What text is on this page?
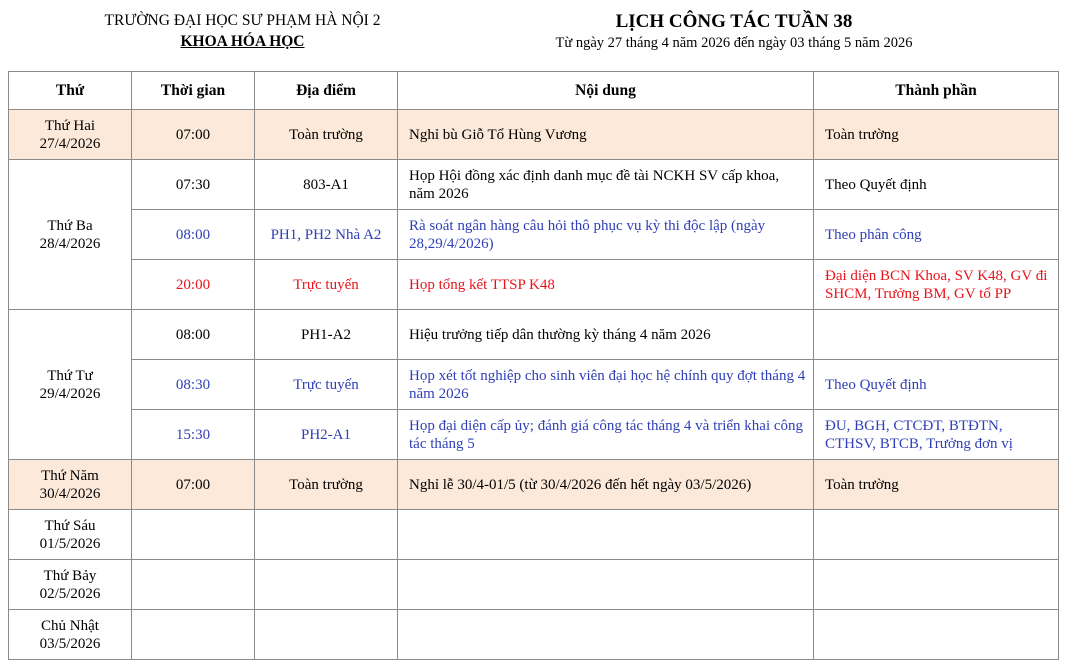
TRƯỜNG ĐẠI HỌC SƯ PHẠM HÀ NỘI 2
KHOA HÓA HỌC
LỊCH CÔNG TÁC TUẦN 38
Từ ngày 27 tháng 4 năm 2026 đến ngày 03 tháng 5 năm 2026
Thứ	Thời gian	Địa điểm	Nội dung	Thành phần
Thứ Hai
27/4/2026	07:00	Toàn trường	Nghỉ bù Giỗ Tổ Hùng Vương	Toàn trường
Thứ Ba
28/4/2026	07:30	803-A1	Họp Hội đồng xác định danh mục đề tài NCKH SV cấp khoa, năm 2026	Theo Quyết định
	08:00	PH1, PH2 Nhà A2	Rà soát ngân hàng câu hỏi thô phục vụ kỳ thi độc lập (ngày 28,29/4/2026)	Theo phân công
	20:00	Trực tuyến	Họp tổng kết TTSP K48	Đại diện BCN Khoa, SV K48, GV đi SHCM, Trưởng BM, GV tổ PP
Thứ Tư
29/4/2026	08:00	PH1-A2	Hiệu trưởng tiếp dân thường kỳ tháng 4 năm 2026	
	08:30	Trực tuyến	Họp xét tốt nghiệp cho sinh viên đại học hệ chính quy đợt tháng 4 năm 2026	Theo Quyết định
	15:30	PH2-A1	Họp đại diện cấp ủy; đánh giá công tác tháng 4 và triển khai công tác tháng 5	ĐU, BGH, CTCĐT, BTĐTN, CTHSV, BTCB, Trưởng đơn vị
Thứ Năm
30/4/2026	07:00	Toàn trường	Nghỉ lễ 30/4-01/5 (từ 30/4/2026 đến hết ngày 03/5/2026)	Toàn trường
Thứ Sáu
01/5/2026				
Thứ Bảy
02/5/2026				
Chủ Nhật
03/5/2026				
